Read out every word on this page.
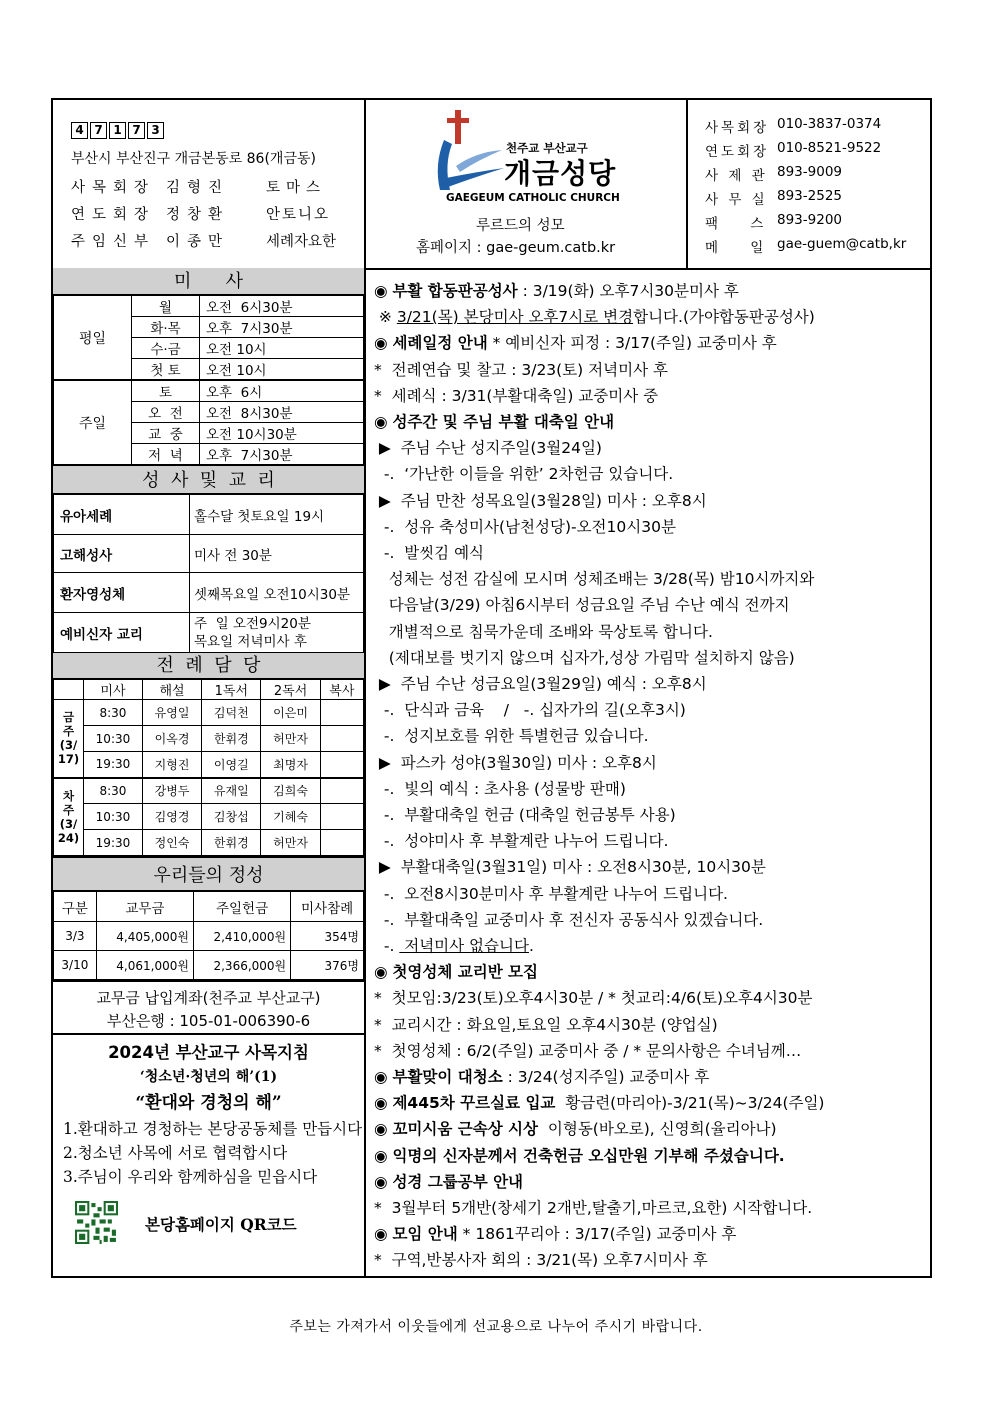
4 7 1 7 3
부산시 부산진구 개금본동로 86(개금동)
사목회장 김형진	토마스
연도회장 정창환	안토니오
주임신부 이종만	세례자요한
천주교 부산교구
개금성당
GAEGEUM CATHOLIC CHURCH
루르드의 성모
홈페이지 : gae-geum.catb.kr
사목회장 010-3837-0374
연도회장 010-8521-9522
사 제 관 893-9009
사 무 실 893-2525
팩    스 893-9200
메    일 gae-guem@catb,kr
미      사
평일	월	오전  6시30분
	화·목	오후  7시30분
	수·금	오전 10시
	첫 토	오전 10시
주일	토	오후  6시
	오  전	오전  8시30분
	교  중	오전 10시30분
	저  녁	오후  7시30분
성  사  및  교  리
유아세례	홀수달 첫토요일 19시
고해성사	미사 전 30분
환자영성체	셋째목요일 오전10시30분
예비신자 교리	주  일 오전9시20분
목요일 저녁미사 후
전  례  담  당
	미사	해설	1독서	2독서	복사
금
주
(3/
17)	8:30	유영일	김덕천	이은미	
	10:30	이옥경	한휘경	허만자	
	19:30	지형진	이영길	최명자	
차
주
(3/
24)	8:30	강병두	유재일	김희숙	
	10:30	김영경	김창섭	기혜숙	
	19:30	정인숙	한휘경	허만자	
우리들의 정성
구분	교무금	주일헌금	미사참례
3/3	4,405,000원	2,410,000원	354명
3/10	4,061,000원	2,366,000원	376명
교무금 납입계좌(천주교 부산교구)
부산은행 : 105-01-006390-6
2024년 부산교구 사목지침
‘청소년·청년의 해’(1)
“환대와 경청의 해”
1.환대하고 경청하는 본당공동체를 만듭시다
2.청소년 사목에 서로 협력합시다
3.주님이 우리와 함께하심을 믿읍시다
본당홈페이지 QR코드
◉ 부활 합동판공성사 : 3/19(화) 오후7시30분미사 후
※ 3/21(목) 본당미사 오후7시로 변경합니다.(가야합동판공성사)
◉ 세례일정 안내 * 예비신자 피정 : 3/17(주일) 교중미사 후
*  전례연습 및 찰고 : 3/23(토) 저녁미사 후
*  세례식 : 3/31(부활대축일) 교중미사 중
◉ 성주간 및 주님 부활 대축일 안내
▶  주님 수난 성지주일(3월24일)
-.  ‘가난한 이들을 위한’ 2차헌금 있습니다.
▶  주님 만찬 성목요일(3월28일) 미사 : 오후8시
-.  성유 축성미사(남천성당)-오전10시30분
-.  발씻김 예식
성체는 성전 감실에 모시며 성체조배는 3/28(목) 밤10시까지와
다음날(3/29) 아침6시부터 성금요일 주님 수난 예식 전까지
개별적으로 침묵가운데 조배와 묵상토록 합니다.
(제대보를 벗기지 않으며 십자가,성상 가림막 설치하지 않음)
▶  주님 수난 성금요일(3월29일) 예식 : 오후8시
-.  단식과 금육    /   -. 십자가의 길(오후3시)
-.  성지보호를 위한 특별헌금 있습니다.
▶  파스카 성야(3월30일) 미사 : 오후8시
-.  빛의 예식 : 초사용 (성물방 판매)
-.  부활대축일 헌금 (대축일 헌금봉투 사용)
-.  성야미사 후 부활계란 나누어 드립니다.
▶  부활대축일(3월31일) 미사 : 오전8시30분, 10시30분
-.  오전8시30분미사 후 부활계란 나누어 드립니다.
-.  부활대축일 교중미사 후 전신자 공동식사 있겠습니다.
-.  저녁미사 없습니다.
◉ 첫영성체 교리반 모집
*  첫모임:3/23(토)오후4시30분 / * 첫교리:4/6(토)오후4시30분
*  교리시간 : 화요일,토요일 오후4시30분 (양업실)
*  첫영성체 : 6/2(주일) 교중미사 중 / * 문의사항은 수녀님께…
◉ 부활맞이 대청소 : 3/24(성지주일) 교중미사 후
◉ 제445차 꾸르실료 입교  황금련(마리아)-3/21(목)~3/24(주일)
◉ 꼬미시움 근속상 시상  이형동(바오로), 신영희(율리아나)
◉ 익명의 신자분께서 건축헌금 오십만원 기부해 주셨습니다.
◉ 성경 그룹공부 안내
*  3월부터 5개반(창세기 2개반,탈출기,마르코,요한) 시작합니다.
◉ 모임 안내 * 1861꾸리아 : 3/17(주일) 교중미사 후
*  구역,반봉사자 회의 : 3/21(목) 오후7시미사 후
주보는 가져가서 이웃들에게 선교용으로 나누어 주시기 바랍니다.
